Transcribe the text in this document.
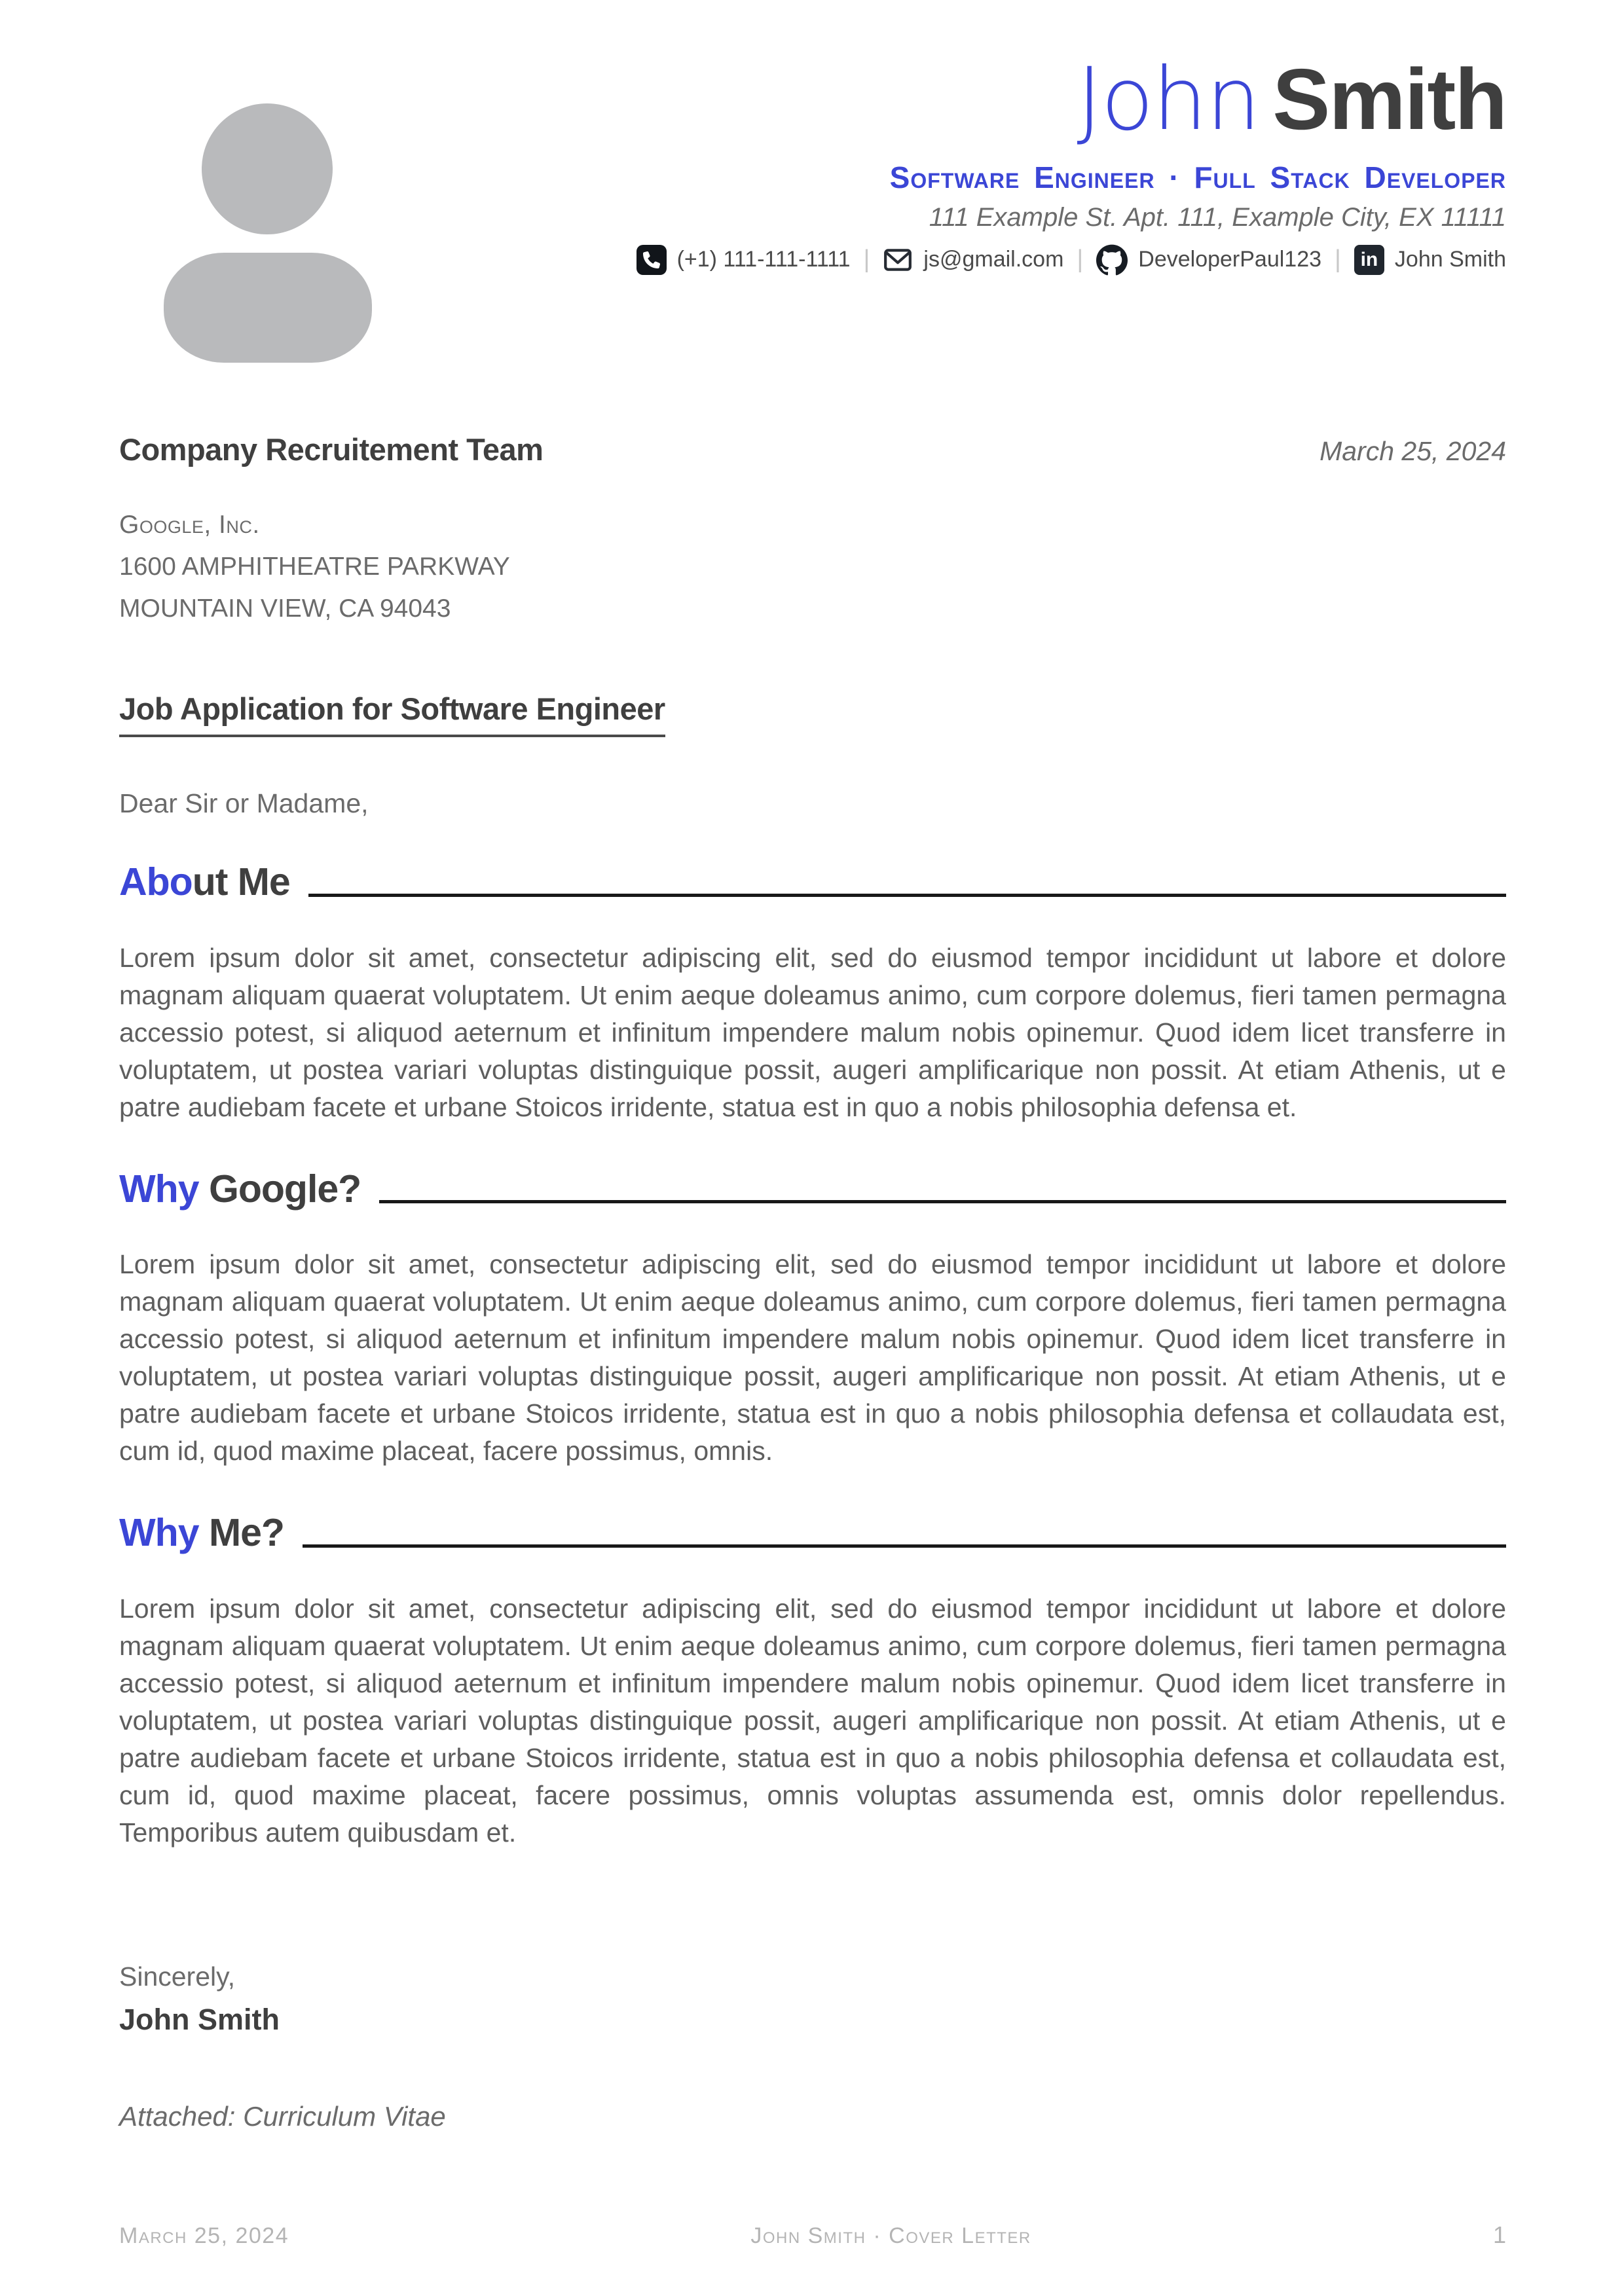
John Smith
Software Engineer · Full Stack Developer
111 Example St. Apt. 111, Example City, EX 11111
(+1) 111-111-1111 | js@gmail.com | DeveloperPaul123 | in John Smith
Company Recruitement Team	March 25, 2024
Google, Inc.
1600 AMPHITHEATRE PARKWAY
MOUNTAIN VIEW, CA 94043
Job Application for Software Engineer
Dear Sir or Madame,
About Me

Lorem ipsum dolor sit amet, consectetur adipiscing elit, sed do eiusmod tempor incididunt ut labore et dolore magnam aliquam quaerat voluptatem. Ut enim aeque doleamus animo, cum corpore dolemus, fieri tamen permagna accessio potest, si aliquod aeternum et infinitum impendere malum nobis opinemur. Quod idem licet transferre in voluptatem, ut postea variari voluptas distinguique possit, augeri amplificarique non possit. At etiam Athenis, ut e patre audiebam facete et urbane Stoicos irridente, statua est in quo a nobis philosophia defensa et.

Why Google?

Lorem ipsum dolor sit amet, consectetur adipiscing elit, sed do eiusmod tempor incididunt ut labore et dolore magnam aliquam quaerat voluptatem. Ut enim aeque doleamus animo, cum corpore dolemus, fieri tamen permagna accessio potest, si aliquod aeternum et infinitum impendere malum nobis opinemur. Quod idem licet transferre in voluptatem, ut postea variari voluptas distinguique possit, augeri amplificarique non possit. At etiam Athenis, ut e patre audiebam facete et urbane Stoicos irridente, statua est in quo a nobis philosophia defensa et collaudata est, cum id, quod maxime placeat, facere possimus, omnis.

Why Me?

Lorem ipsum dolor sit amet, consectetur adipiscing elit, sed do eiusmod tempor incididunt ut labore et dolore magnam aliquam quaerat voluptatem. Ut enim aeque doleamus animo, cum corpore dolemus, fieri tamen permagna accessio potest, si aliquod aeternum et infinitum impendere malum nobis opinemur. Quod idem licet transferre in voluptatem, ut postea variari voluptas distinguique possit, augeri amplificarique non possit. At etiam Athenis, ut e patre audiebam facete et urbane Stoicos irridente, statua est in quo a nobis philosophia defensa et collaudata est, cum id, quod maxime placeat, facere possimus, omnis voluptas assumenda est, omnis dolor repellendus. Temporibus autem quibusdam et.

Sincerely,
John Smith
Attached: Curriculum Vitae
March 25, 2024	John Smith · Cover Letter	1
